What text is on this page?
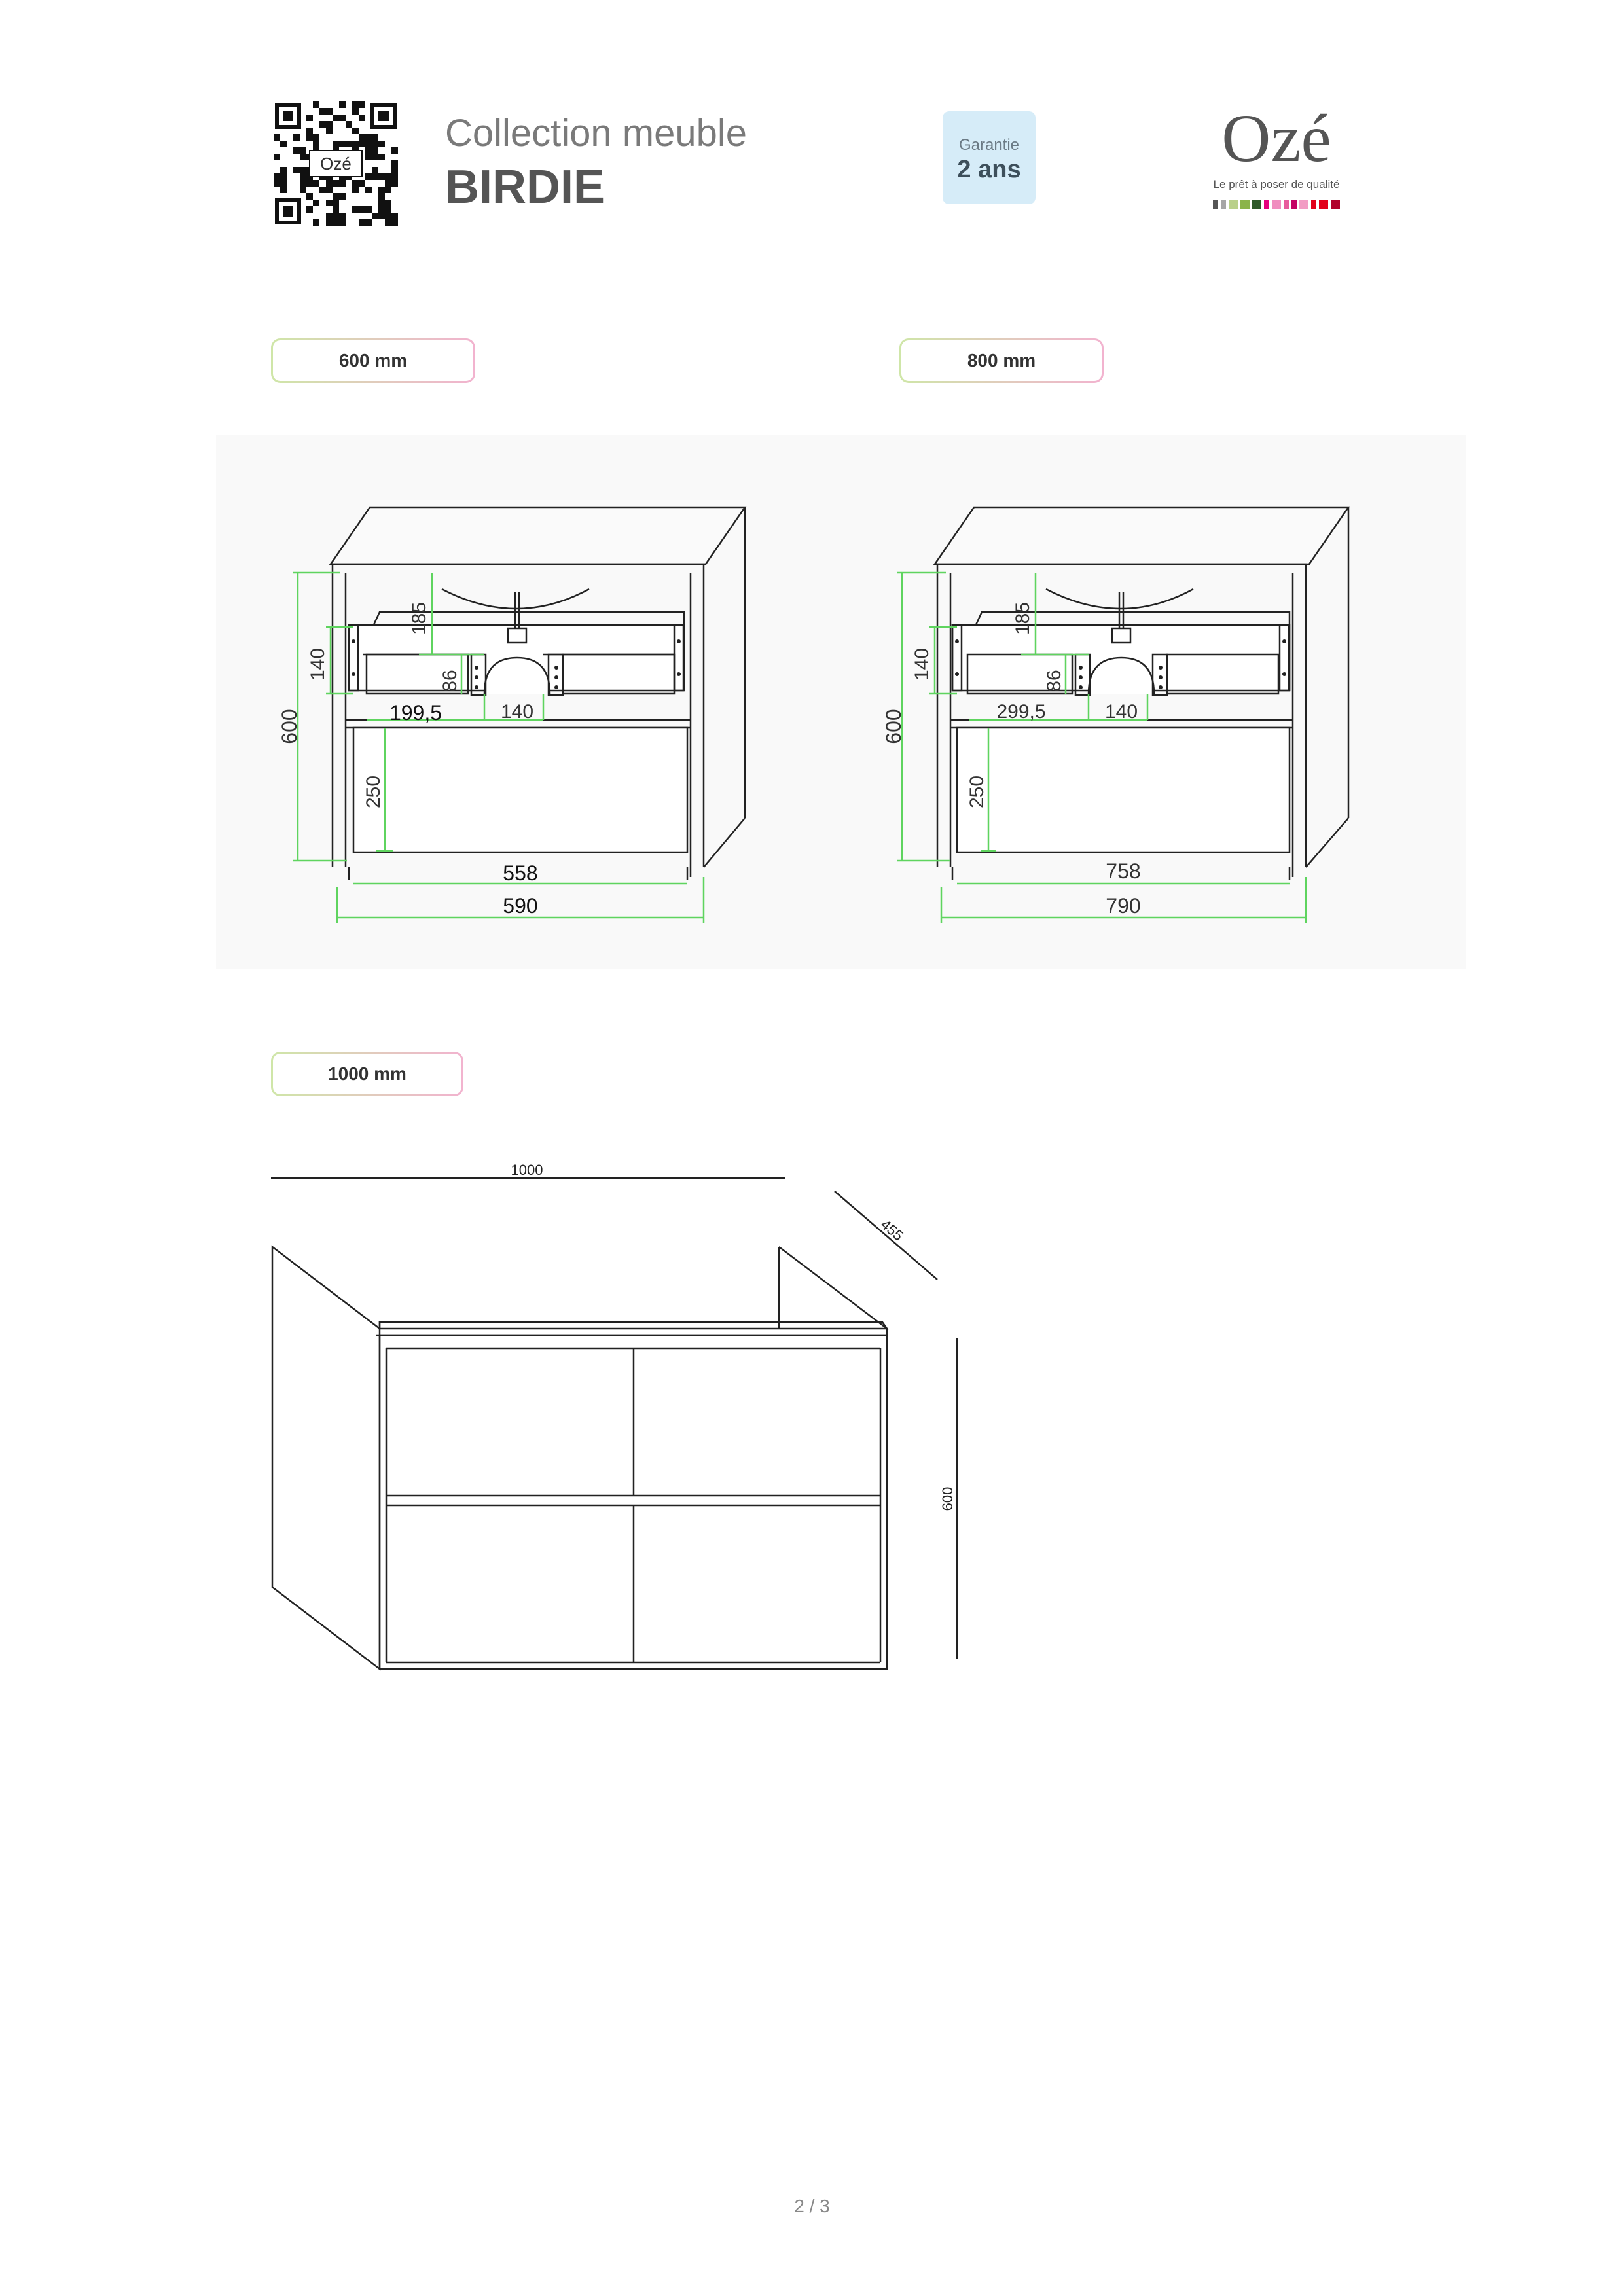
Ozé
Collection meuble
BIRDIE
Garantie
2 ans	Ozé
Le prêt à poser de qualité
600 mm	800 mm
600
140
185
86
199,5	140
250
558
590
600
140
185
86
299,5	140
250
758
790
1000 mm
1000
455
600
2 / 3
